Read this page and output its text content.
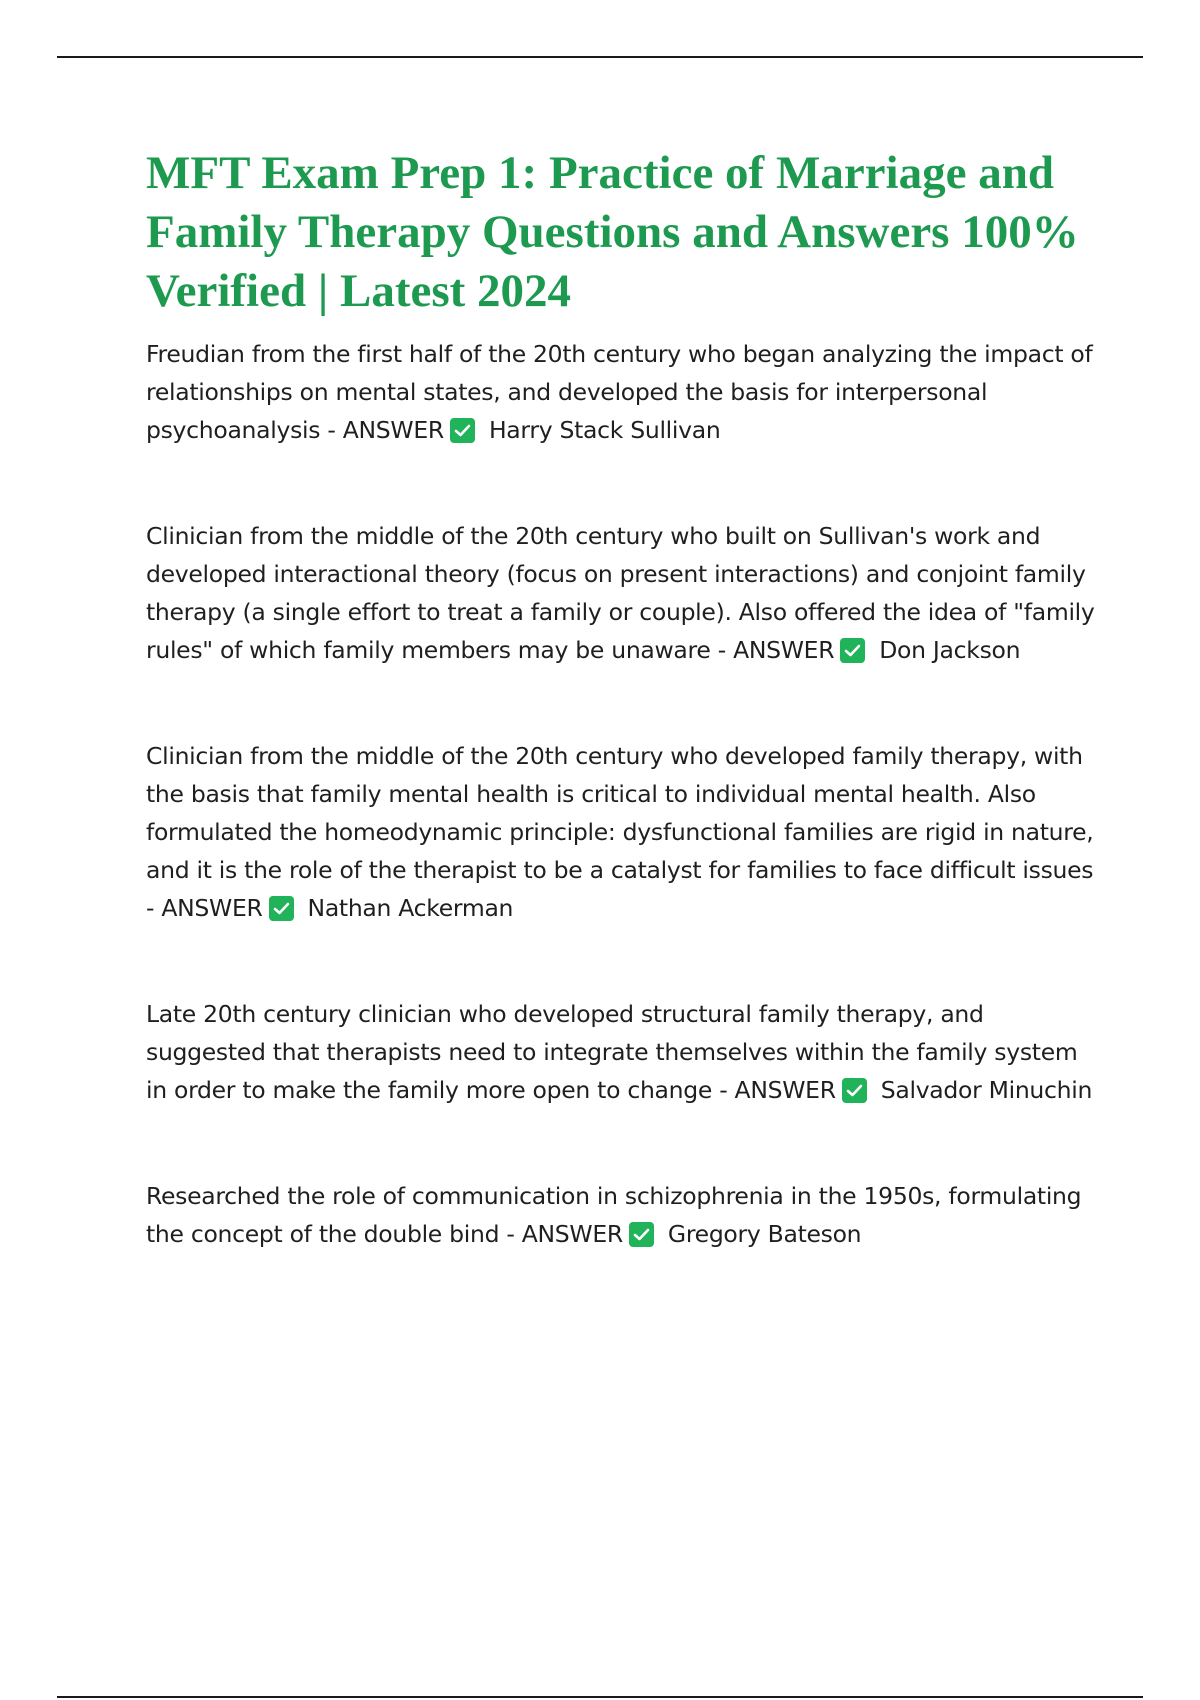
MFT Exam Prep 1: Practice of Marriage and Family Therapy Questions and Answers 100% Verified | Latest 2024

Freudian from the first half of the 20th century who began analyzing the impact of relationships on mental states, and developed the basis for interpersonal psychoanalysis - ANSWER Harry Stack Sullivan

Clinician from the middle of the 20th century who built on Sullivan's work and developed interactional theory (focus on present interactions) and conjoint family therapy (a single effort to treat a family or couple). Also offered the idea of "family rules" of which family members may be unaware - ANSWER Don Jackson

Clinician from the middle of the 20th century who developed family therapy, with the basis that family mental health is critical to individual mental health. Also formulated the homeodynamic principle: dysfunctional families are rigid in nature, and it is the role of the therapist to be a catalyst for families to face difficult issues - ANSWER Nathan Ackerman

Late 20th century clinician who developed structural family therapy, and suggested that therapists need to integrate themselves within the family system in order to make the family more open to change - ANSWER Salvador Minuchin

Researched the role of communication in schizophrenia in the 1950s, formulating the concept of the double bind - ANSWER Gregory Bateson
